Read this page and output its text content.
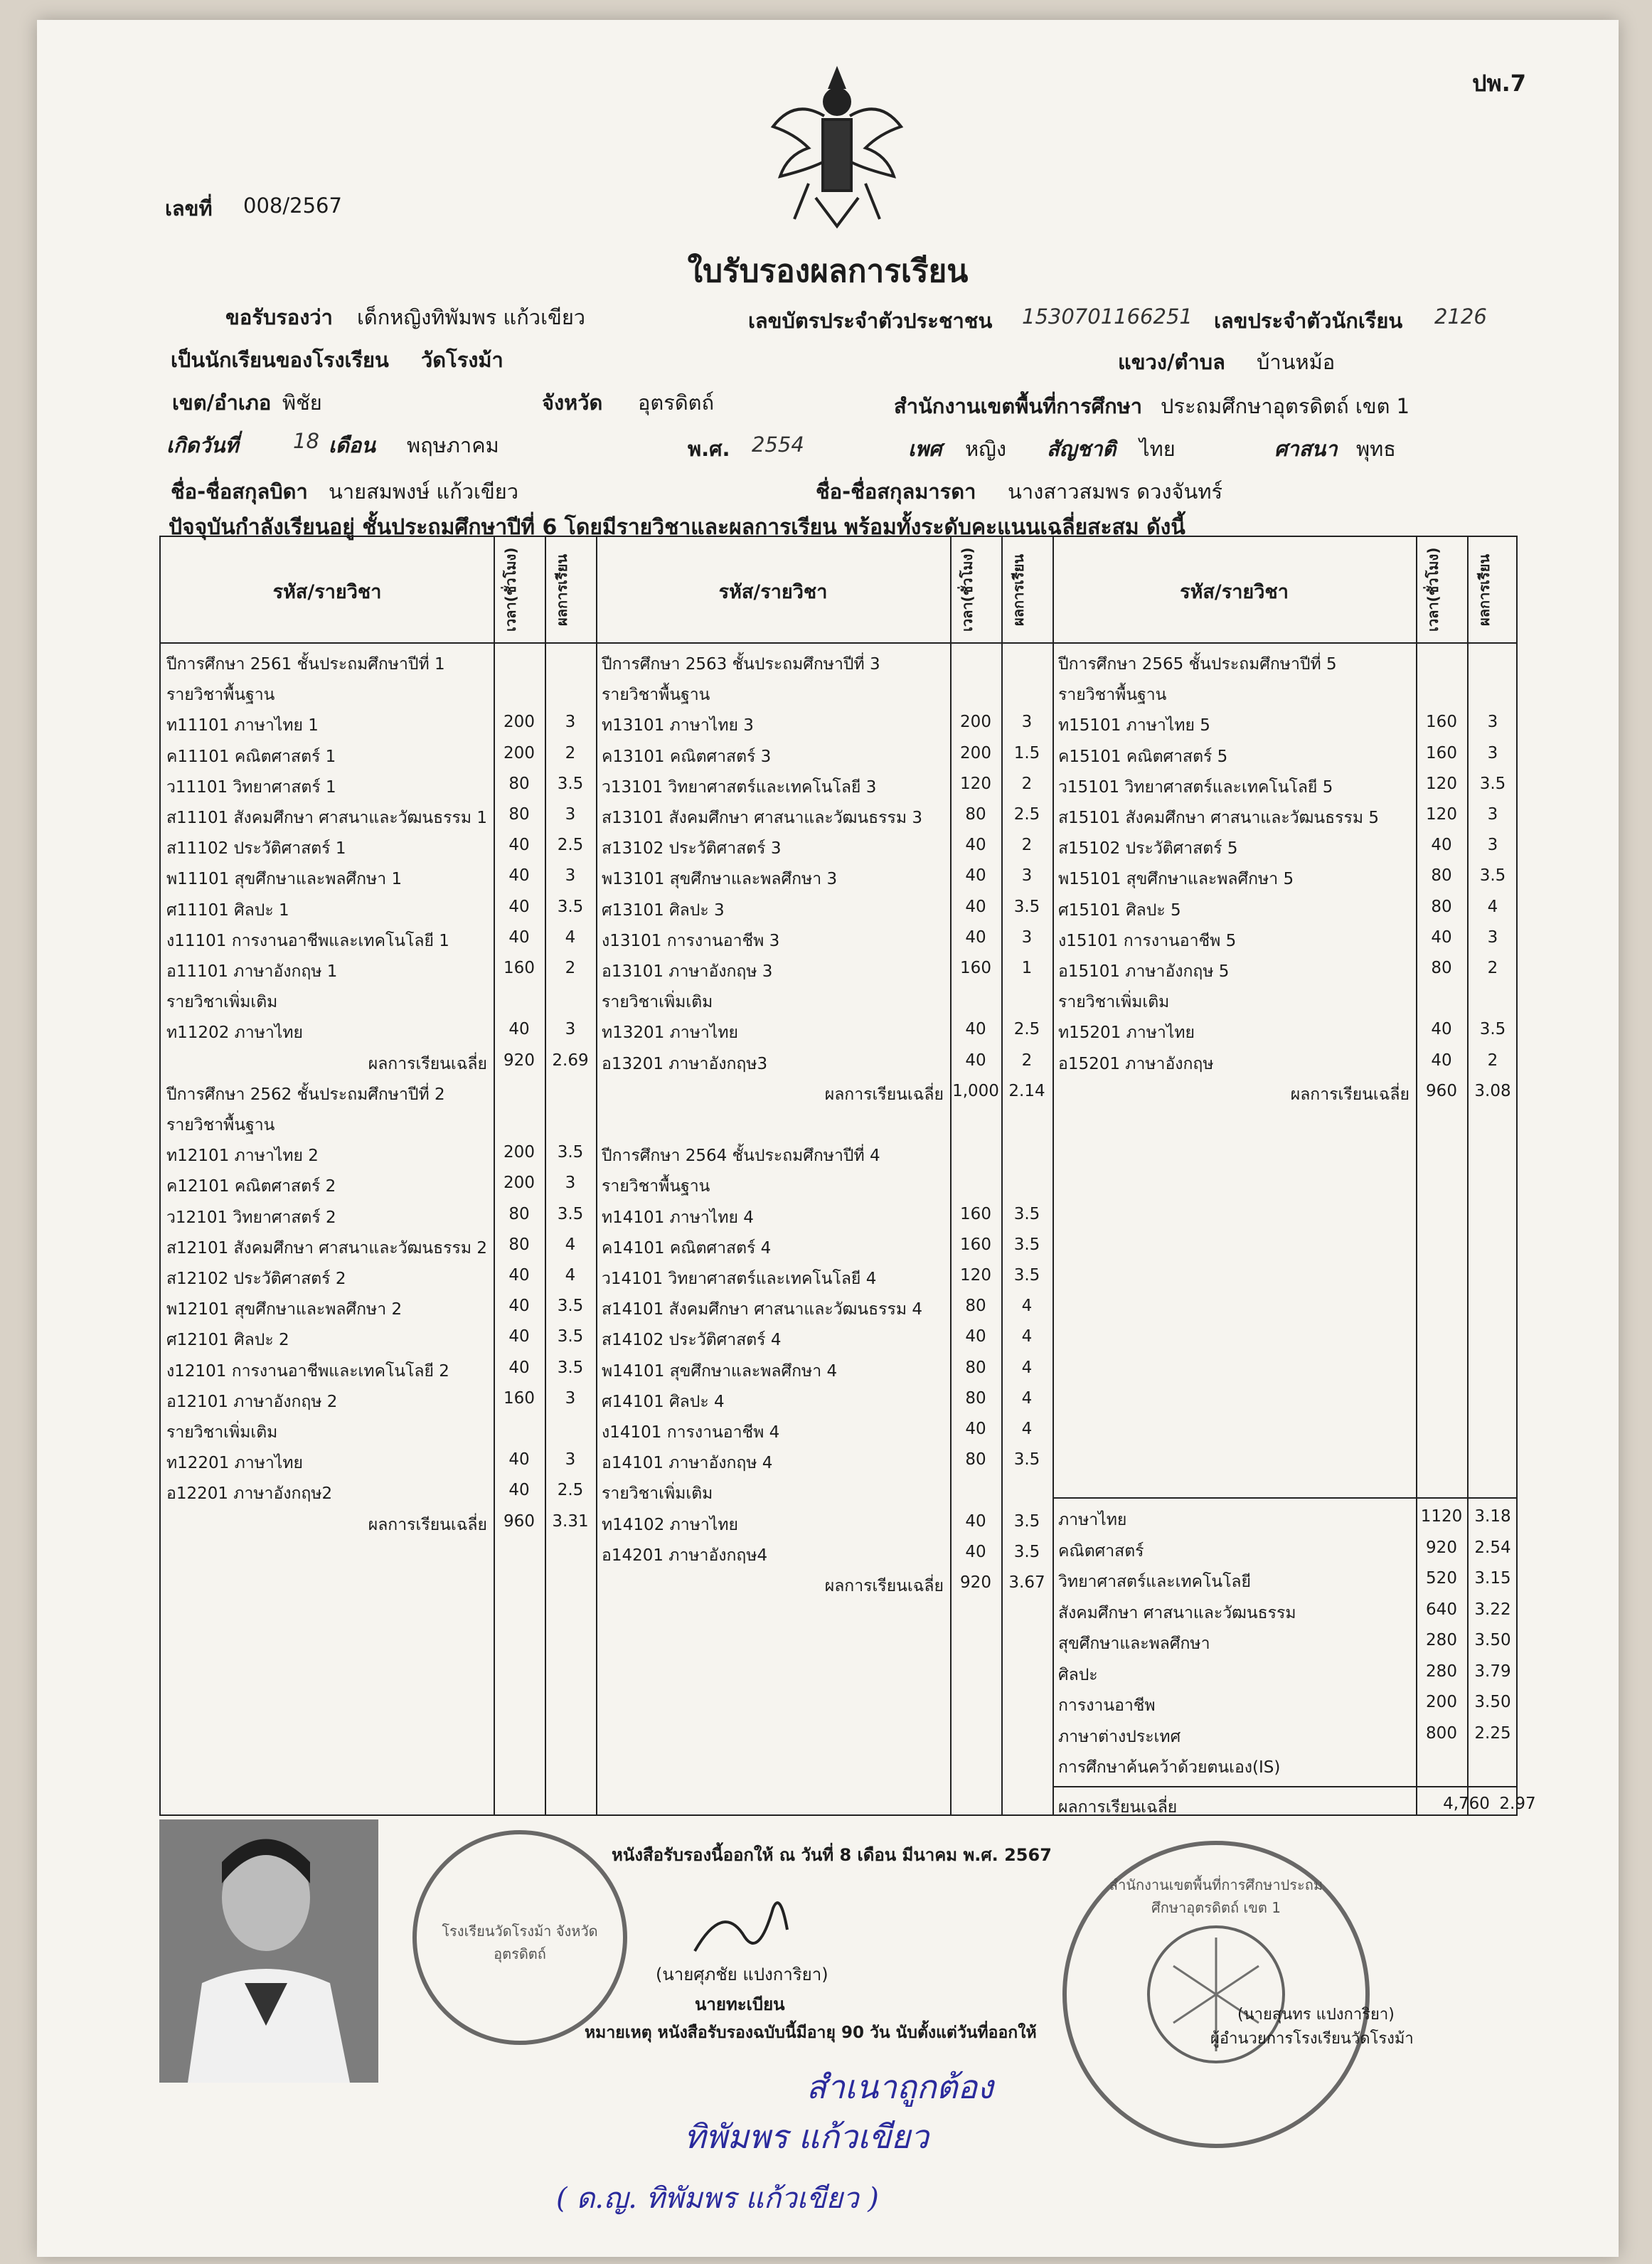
ปพ.7
เลขที่ 008/2567
ใบรับรองผลการเรียน
ขอรับรองว่า เด็กหญิงทิพัมพร แก้วเขียว	เลขบัตรประจำตัวประชาชน 1530701166251 เลขประจำตัวนักเรียน 2126
เป็นนักเรียนของโรงเรียน วัดโรงม้า	แขวง/ตำบล บ้านหม้อ
เขต/อำเภอ พิชัย	จังหวัด อุตรดิตถ์	สำนักงานเขตพื้นที่การศึกษา ประถมศึกษาอุตรดิตถ์ เขต 1
เกิดวันที่	18 เดือน พฤษภาคม	พ.ศ. 2554	เพศ หญิง สัญชาติ ไทย	ศาสนา พุทธ
ชื่อ-ชื่อสกุลบิดา นายสมพงษ์ แก้วเขียว	ชื่อ-ชื่อสกุลมารดา นางสาวสมพร ดวงจันทร์
ปัจจุบันกำลังเรียนอยู่ ชั้นประถมศึกษาปีที่ 6 โดยมีรายวิชาและผลการเรียน พร้อมทั้งระดับคะแนนเฉลี่ยสะสม ดังนี้
รหัส/รายวิชา	เวลา(ชั่วโมง)	ผลการเรียน	รหัส/รายวิชา	เวลา(ชั่วโมง)	ผลการเรียน	รหัส/รายวิชา	เวลา(ชั่วโมง)	ผลการเรียน
ปีการศึกษา 2561 ชั้นประถมศึกษาปีที่ 1
รายวิชาพื้นฐาน
ท11101 ภาษาไทย 1	200	3
ค11101 คณิตศาสตร์ 1	200	2
ว11101 วิทยาศาสตร์ 1	80	3.5
ส11101 สังคมศึกษา ศาสนาและวัฒนธรรม 1	80	3
ส11102 ประวัติศาสตร์ 1	40	2.5
พ11101 สุขศึกษาและพลศึกษา 1	40	3
ศ11101 ศิลปะ 1	40	3.5
ง11101 การงานอาชีพและเทคโนโลยี 1	40	4
อ11101 ภาษาอังกฤษ 1	160	2
รายวิชาเพิ่มเติม
ท11202 ภาษาไทย	40	3
ผลการเรียนเฉลี่ย	920	2.69
ปีการศึกษา 2562 ชั้นประถมศึกษาปีที่ 2
รายวิชาพื้นฐาน
ท12101 ภาษาไทย 2	200	3.5
ค12101 คณิตศาสตร์ 2	200	3
ว12101 วิทยาศาสตร์ 2	80	3.5
ส12101 สังคมศึกษา ศาสนาและวัฒนธรรม 2	80	4
ส12102 ประวัติศาสตร์ 2	40	4
พ12101 สุขศึกษาและพลศึกษา 2	40	3.5
ศ12101 ศิลปะ 2	40	3.5
ง12101 การงานอาชีพและเทคโนโลยี 2	40	3.5
อ12101 ภาษาอังกฤษ 2	160	3
รายวิชาเพิ่มเติม
ท12201 ภาษาไทย	40	3
อ12201 ภาษาอังกฤษ2	40	2.5
ผลการเรียนเฉลี่ย	960	3.31
ปีการศึกษา 2563 ชั้นประถมศึกษาปีที่ 3
รายวิชาพื้นฐาน
ท13101 ภาษาไทย 3	200	3
ค13101 คณิตศาสตร์ 3	200	1.5
ว13101 วิทยาศาสตร์และเทคโนโลยี 3	120	2
ส13101 สังคมศึกษา ศาสนาและวัฒนธรรม 3	80	2.5
ส13102 ประวัติศาสตร์ 3	40	2
พ13101 สุขศึกษาและพลศึกษา 3	40	3
ศ13101 ศิลปะ 3	40	3.5
ง13101 การงานอาชีพ 3	40	3
อ13101 ภาษาอังกฤษ 3	160	1
รายวิชาเพิ่มเติม
ท13201 ภาษาไทย	40	2.5
อ13201 ภาษาอังกฤษ3	40	2
ผลการเรียนเฉลี่ย 1,000 2.14
ปีการศึกษา 2564 ชั้นประถมศึกษาปีที่ 4
รายวิชาพื้นฐาน
ท14101 ภาษาไทย 4	160	3.5
ค14101 คณิตศาสตร์ 4	160	3.5
ว14101 วิทยาศาสตร์และเทคโนโลยี 4	120	3.5
ส14101 สังคมศึกษา ศาสนาและวัฒนธรรม 4	80	4
ส14102 ประวัติศาสตร์ 4	40	4
พ14101 สุขศึกษาและพลศึกษา 4	80	4
ศ14101 ศิลปะ 4	80	4
ง14101 การงานอาชีพ 4	40	4
อ14101 ภาษาอังกฤษ 4	80	3.5
รายวิชาเพิ่มเติม
ท14102 ภาษาไทย	40	3.5
อ14201 ภาษาอังกฤษ4	40	3.5
ผลการเรียนเฉลี่ย	920	3.67
ปีการศึกษา 2565 ชั้นประถมศึกษาปีที่ 5
รายวิชาพื้นฐาน
ท15101 ภาษาไทย 5	160	3
ค15101 คณิตศาสตร์ 5	160	3
ว15101 วิทยาศาสตร์และเทคโนโลยี 5	120	3.5
ส15101 สังคมศึกษา ศาสนาและวัฒนธรรม 5	120	3
ส15102 ประวัติศาสตร์ 5	40	3
พ15101 สุขศึกษาและพลศึกษา 5	80	3.5
ศ15101 ศิลปะ 5	80	4
ง15101 การงานอาชีพ 5	40	3
อ15101 ภาษาอังกฤษ 5	80	2
รายวิชาเพิ่มเติม
ท15201 ภาษาไทย	40	3.5
อ15201 ภาษาอังกฤษ	40	2
ผลการเรียนเฉลี่ย	960	3.08
ภาษาไทย	1120 3.18
คณิตศาสตร์	920	2.54
วิทยาศาสตร์และเทคโนโลยี	520	3.15
สังคมศึกษา ศาสนาและวัฒนธรรม	640	3.22
สุขศึกษาและพลศึกษา	280	3.50
ศิลปะ	280	3.79
การงานอาชีพ	200	3.50
ภาษาต่างประเทศ	800	2.25
การศึกษาค้นคว้าด้วยตนเอง(IS)
ผลการเรียนเฉลี่ย	4,760 2.97
โรงเรียนวัดโรงม้า จังหวัดอุตรดิตถ์
หนังสือรับรองนี้ออกให้ ณ วันที่ 8 เดือน มีนาคม พ.ศ. 2567
(นายศุภชัย แปงการิยา)
นายทะเบียน
หมายเหตุ หนังสือรับรองฉบับนี้มีอายุ 90 วัน นับตั้งแต่วันที่ออกให้
สำนักงานเขตพื้นที่การศึกษาประถมศึกษาอุตรดิตถ์ เขต 1
(นายสุนทร แปงการิยา)
ผู้อำนวยการโรงเรียนวัดโรงม้า
สำเนาถูกต้อง
ทิพัมพร แก้วเขียว
( ด.ญ. ทิพัมพร แก้วเขียว )
